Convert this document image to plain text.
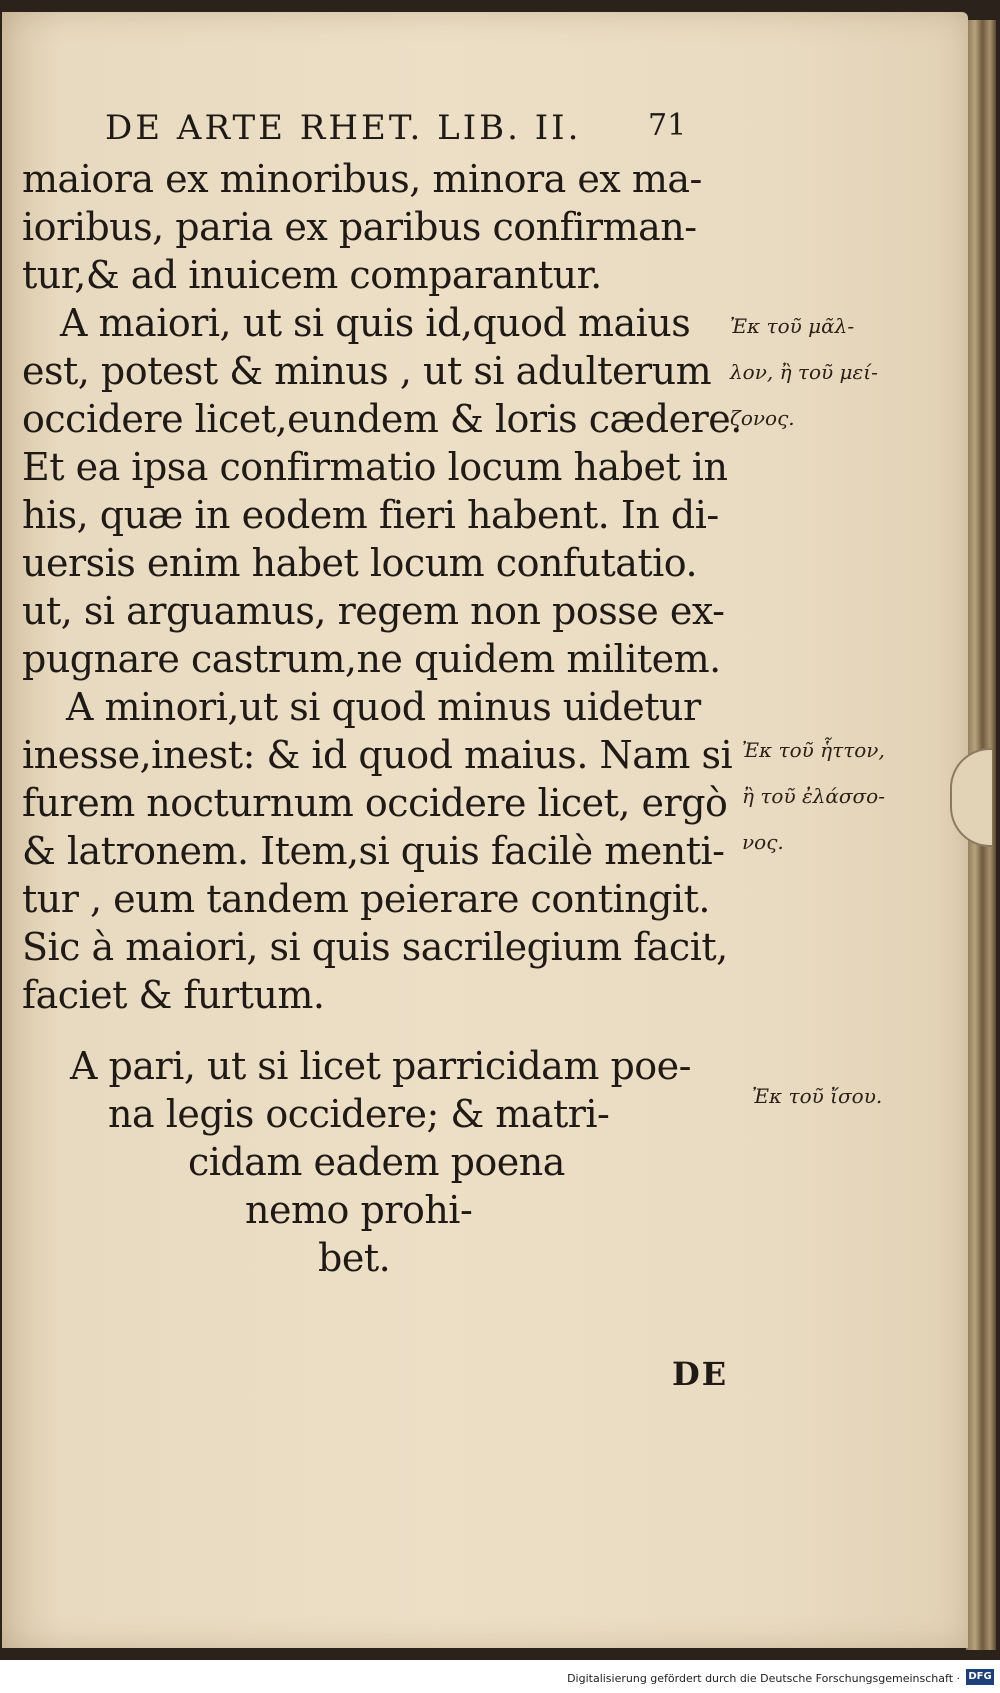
DE ARTE RHET. LIB. II. 71

maiora ex minoribus, minora ex ma-

ioribus, paria ex paribus confirman-

tur,& ad inuicem comparantur.

A maiori, ut si quis id,quod maius

est, potest & minus , ut si adulterum

occidere licet,eundem & loris cædere.

Et ea ipsa confirmatio locum habet in

his, quæ in eodem fieri habent. In di-

uersis enim habet locum confutatio.

ut, si arguamus, regem non posse ex-

pugnare castrum,ne quidem militem.

A minori,ut si quod minus uidetur

inesse,inest: & id quod maius. Nam si

furem nocturnum occidere licet, ergò

& latronem. Item,si quis facilè menti-

tur , eum tandem peierare contingit.

Sic à maiori, si quis sacrilegium facit,

faciet & furtum.

A pari, ut si licet parricidam poe-

na legis occidere; & matri-

cidam eadem poena

nemo prohi-

bet.

Ἐκ τοῦ μᾶλ-

λον, ἢ τοῦ μεί-

ζονος.

Ἐκ τοῦ ἧττον,

ἢ τοῦ ἐλάσσο-

νος.

Ἐκ τοῦ ἴσου.

DE

Digitalisierung gefördert durch die Deutsche Forschungsgemeinschaft · DFG
